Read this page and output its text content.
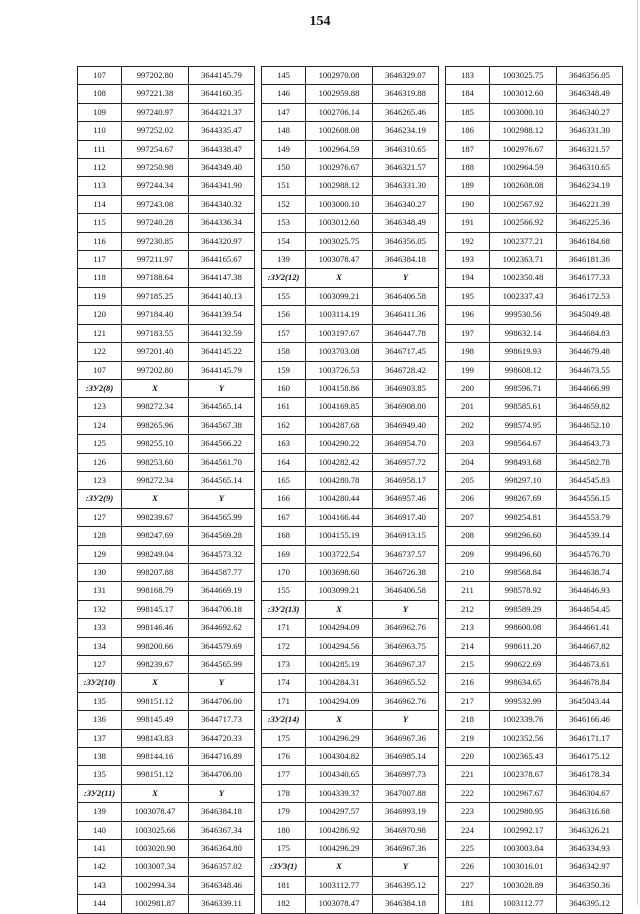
154
107	997202.80	3644145.79
108	997221.38	3644160.35
109	997240.97	3644321.37
110	997252.02	3644335.47
111	997254.67	3644338.47
112	997250.98	3644349.40
113	997244.34	3644341.90
114	997243.08	3644340.32
115	997240.28	3644336.34
116	997230.85	3644320.97
117	997211.97	3644165.67
118	997188.64	3644147.38
119	997185.25	3644140.13
120	997184.40	3644139.54
121	997183.55	3644132.59
122	997201.40	3644145.22
107	997202.80	3644145.79
:ЗУ2(8)	X	Y
123	998272.34	3644565.14
124	998265.96	3644567.38
125	998255.10	3644566.22
126	998253.60	3644561.70
123	998272.34	3644565.14
:ЗУ2(9)	X	Y
127	998239.67	3644565.99
128	998247.69	3644569.28
129	998249.04	3644573.32
130	998207.88	3644587.77
131	998168.79	3644669.19
132	998145.17	3644706.18
133	998146.46	3644692.62
134	998200.66	3644579.69
127	998239.67	3644565.99
:ЗУ2(10)	X	Y
135	998151.12	3644706.00
136	998145.49	3644717.73
137	998143.83	3644720.33
138	998144.16	3644716.89
135	998151.12	3644706.00
:ЗУ2(11)	X	Y
139	1003078.47	3646384.18
140	1003025.66	3646367.34
141	1003020.90	3646364.80
142	1003007.34	3646357.02
143	1002994.34	3646348.46
144	1002981.87	3646339.11
145	1002970.08	3646329.07
146	1002959.88	3646319.88
147	1002706.14	3646265.46
148	1002608.08	3646234.19
149	1002964.59	3646310.65
150	1002976.67	3646321.57
151	1002988.12	3646331.30
152	1003000.10	3646340.27
153	1003012.60	3646348.49
154	1003025.75	3646356.05
139	1003078.47	3646384.18
:ЗУ2(12)	X	Y
155	1003099.21	3646406.58
156	1003114.19	3646411.36
157	1003197.67	3646447.78
158	1003703.08	3646717.45
159	1003726.53	3646728.42
160	1004158.86	3646903.85
161	1004169.85	3646908.00
162	1004287.68	3646949.40
163	1004290.22	3646954.70
164	1004282.42	3646957.72
165	1004280.78	3646958.17
166	1004280.44	3646957.46
167	1004166.44	3646917.40
168	1004155.19	3646913.15
169	1003722.54	3646737.57
170	1003698.60	3646726.38
155	1003099.21	3646406.58
:ЗУ2(13)	X	Y
171	1004294.09	3646962.76
172	1004294.56	3646963.75
173	1004285.19	3646967.37
174	1004284.31	3646965.52
171	1004294.09	3646962.76
:ЗУ2(14)	X	Y
175	1004296.29	3646967.36
176	1004304.82	3646985.14
177	1004340.65	3646997.73
178	1004339.37	3647007.88
179	1004297.57	3646993.19
180	1004286.92	3646970.98
175	1004296.29	3646967.36
:ЗУ3(1)	X	Y
181	1003112.77	3646395.12
182	1003078.47	3646384.18
183	1003025.75	3646356.05
184	1003012.60	3646348.49
185	1003000.10	3646340.27
186	1002988.12	3646331.30
187	1002976.67	3646321.57
188	1002964.59	3646310.65
189	1002608.08	3646234.19
190	1002567.92	3646221.39
191	1002566.92	3646225.36
192	1002377.21	3646184.68
193	1002363.71	3646181.36
194	1002350.48	3646177.33
195	1002337.43	3646172.53
196	999530.56	3645049.48
197	998632.14	3644684.83
198	998619.93	3644679.48
199	998608.12	3644673.55
200	998596.71	3644666.99
201	998585.61	3644659.82
202	998574.95	3644652.10
203	998564.67	3644643.73
204	998493.68	3644582.78
205	998297.10	3644545.83
206	998267.69	3644556.15
207	998254.81	3644553.79
208	998296.60	3644539.14
209	998496.60	3644576.70
210	998568.84	3644638.74
211	998578.92	3644646.93
212	998589.29	3644654.45
213	998600.08	3644661.41
214	998611.20	3644667.82
215	998622.69	3644673.61
216	998634.65	3644678.84
217	999532.99	3645043.44
218	1002339.76	3646166.46
219	1002352.56	3646171.17
220	1002365.43	3646175.12
221	1002378.67	3646178.34
222	1002967.67	3646304.67
223	1002980.95	3646316.68
224	1002992.17	3646326.21
225	1003003.84	3646334.93
226	1003016.01	3646342.97
227	1003028.89	3646350.36
181	1003112.77	3646395.12
